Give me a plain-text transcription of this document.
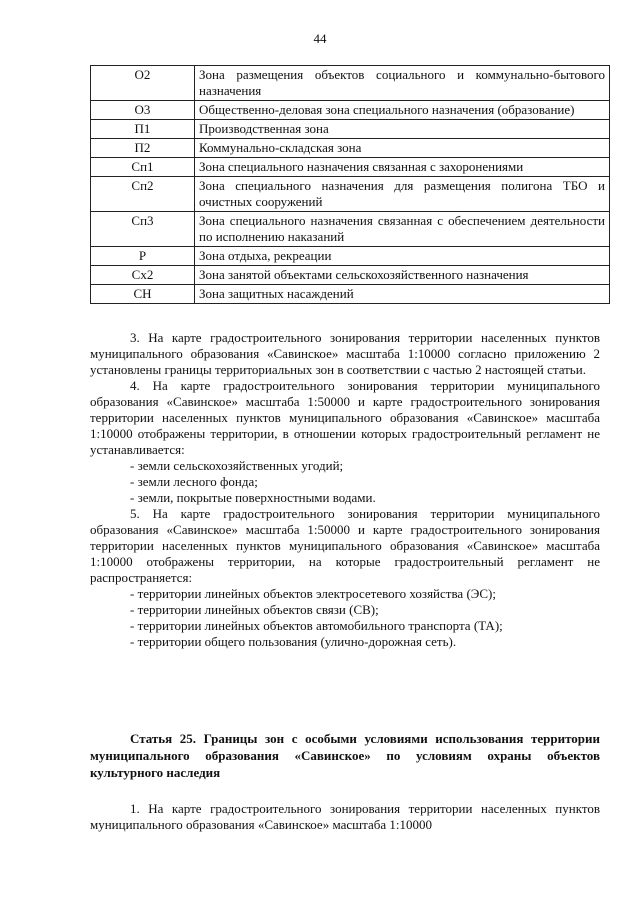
44
О2	Зона размещения объектов социального и коммунально-бытового назначения
О3	Общественно-деловая зона специального назначения (образование)
П1	Производственная зона
П2	Коммунально-складская зона
Сп1	Зона специального назначения связанная с захоронениями
Сп2	Зона специального назначения для размещения полигона ТБО и очистных сооружений
Сп3	Зона специального назначения связанная с обеспечением деятельности по исполнению наказаний
Р	Зона отдыха, рекреации
Сх2	Зона занятой объектами сельскохозяйственного назначения
СН	Зона защитных насаждений

3. На карте градостроительного зонирования территории населенных пунктов муниципального образования «Савинское» масштаба 1:10000 согласно приложению 2 установлены границы территориальных зон в соответствии с частью 2 настоящей статьи.

4. На карте градостроительного зонирования территории муниципального образования «Савинское» масштаба 1:50000 и карте градостроительного зонирования территории населенных пунктов муниципального образования «Савинское» масштаба 1:10000 отображены территории, в отношении которых градостроительный регламент не устанавливается:

- земли сельскохозяйственных угодий;

- земли лесного фонда;

- земли, покрытые поверхностными водами.

5. На карте градостроительного зонирования территории муниципального образования «Савинское» масштаба 1:50000 и карте градостроительного зонирования территории населенных пунктов муниципального образования «Савинское» масштаба 1:10000 отображены территории, на которые градостроительный регламент не распространяется:

- территории линейных объектов электросетевого хозяйства (ЭС);

- территории линейных объектов связи (СВ);

- территории линейных объектов автомобильного транспорта (ТА);

- территории общего пользования (улично-дорожная сеть).

Статья 25. Границы зон с особыми условиями использования территории муниципального образования «Савинское» по условиям охраны объектов культурного наследия

1. На карте градостроительного зонирования территории населенных пунктов муниципального образования «Савинское» масштаба 1:10000
